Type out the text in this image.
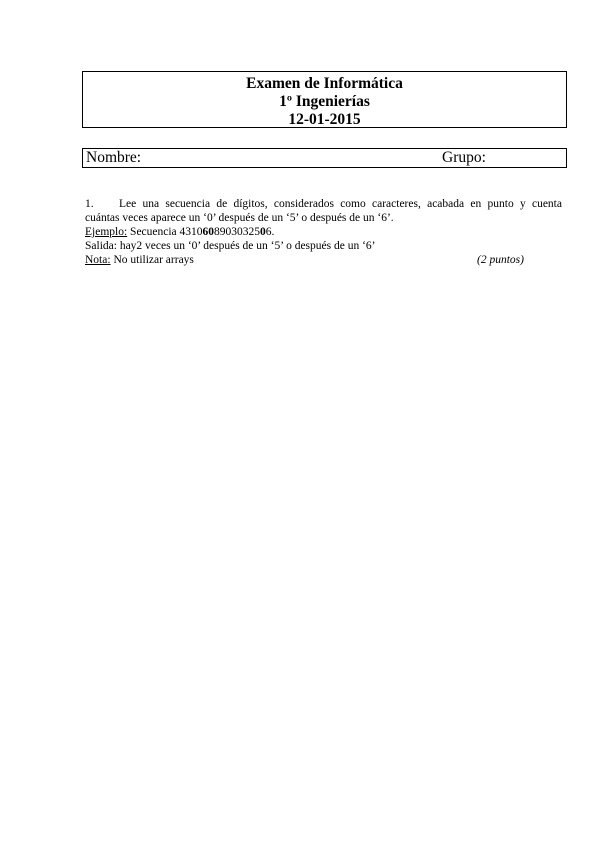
Examen de Informática
1º Ingenierías
12-01-2015
Nombre:	Grupo:
1. Lee una secuencia de dígitos, considerados como caracteres, acabada en punto y cuenta
cuántas veces aparece un ‘0’ después de un ‘5’ o después de un ‘6’.
Ejemplo: Secuencia 4310608903032506.
Salida: hay2 veces un ‘0’ después de un ‘5’ o después de un ‘6’
Nota: No utilizar arrays	(2 puntos)
